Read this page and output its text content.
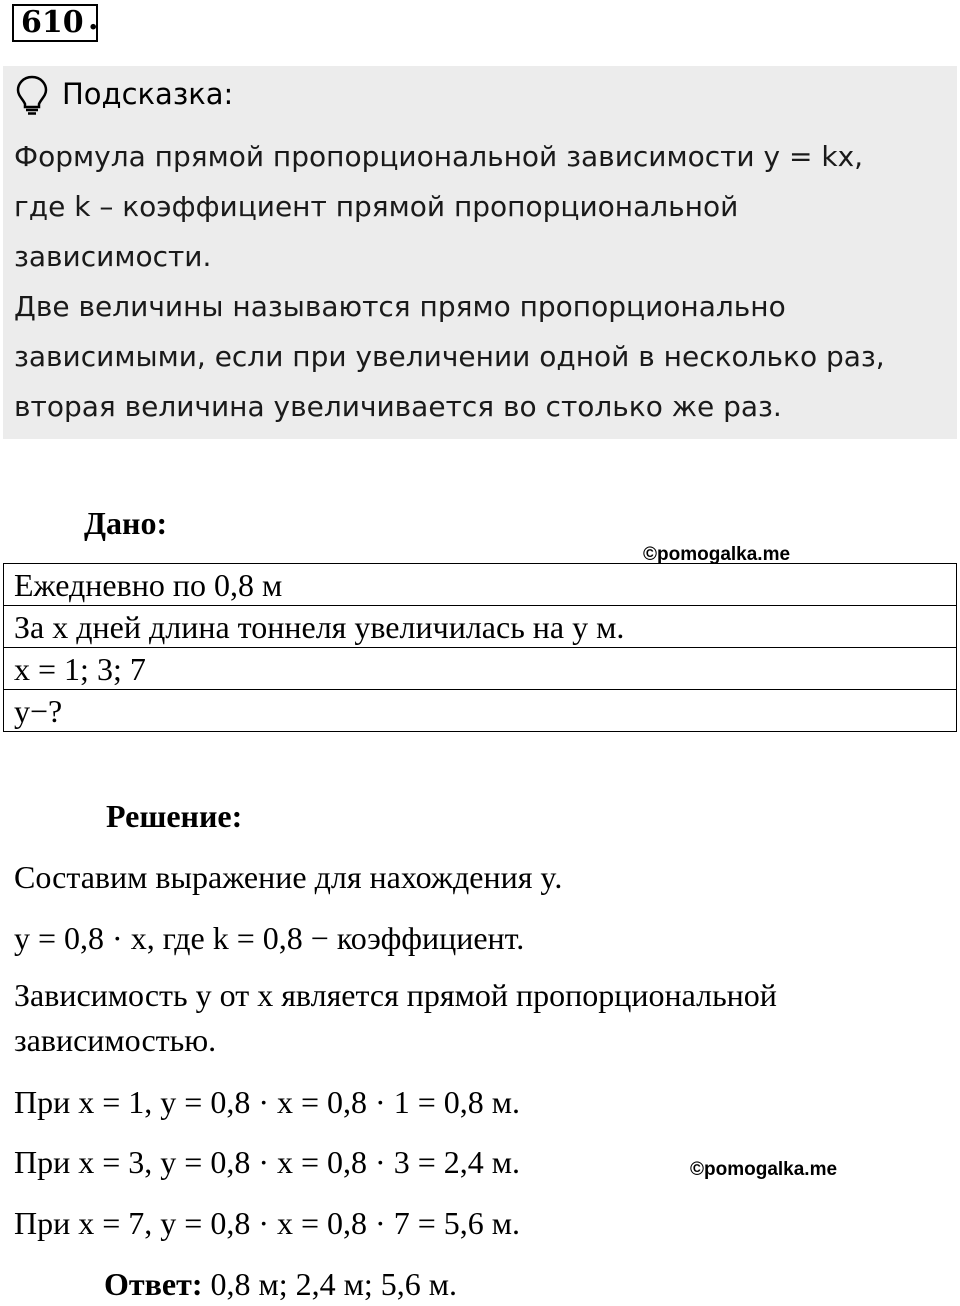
610 .
Подсказка:
Формула прямой пропорциональной зависимости y = kx,
где k – коэффициент прямой пропорциональной
зависимости.
Две величины называются прямо пропорционально
зависимыми, если при увеличении одной в несколько раз,
вторая величина увеличивается во столько же раз.
Дано:
©pomogalka.me
Ежедневно по 0,8 м
За x дней длина тоннеля увеличилась на y м.
x = 1; 3; 7
y−?
Решение:
Составим выражение для нахождения y.
y = 0,8 · x, где k = 0,8 − коэффициент.
Зависимость y от x является прямой пропорциональной
зависимостью.
При x = 1, y = 0,8 · x = 0,8 · 1 = 0,8 м.
При x = 3, y = 0,8 · x = 0,8 · 3 = 2,4 м.	©pomogalka.me
При x = 7, y = 0,8 · x = 0,8 · 7 = 5,6 м.
Ответ: 0,8 м; 2,4 м; 5,6 м.
